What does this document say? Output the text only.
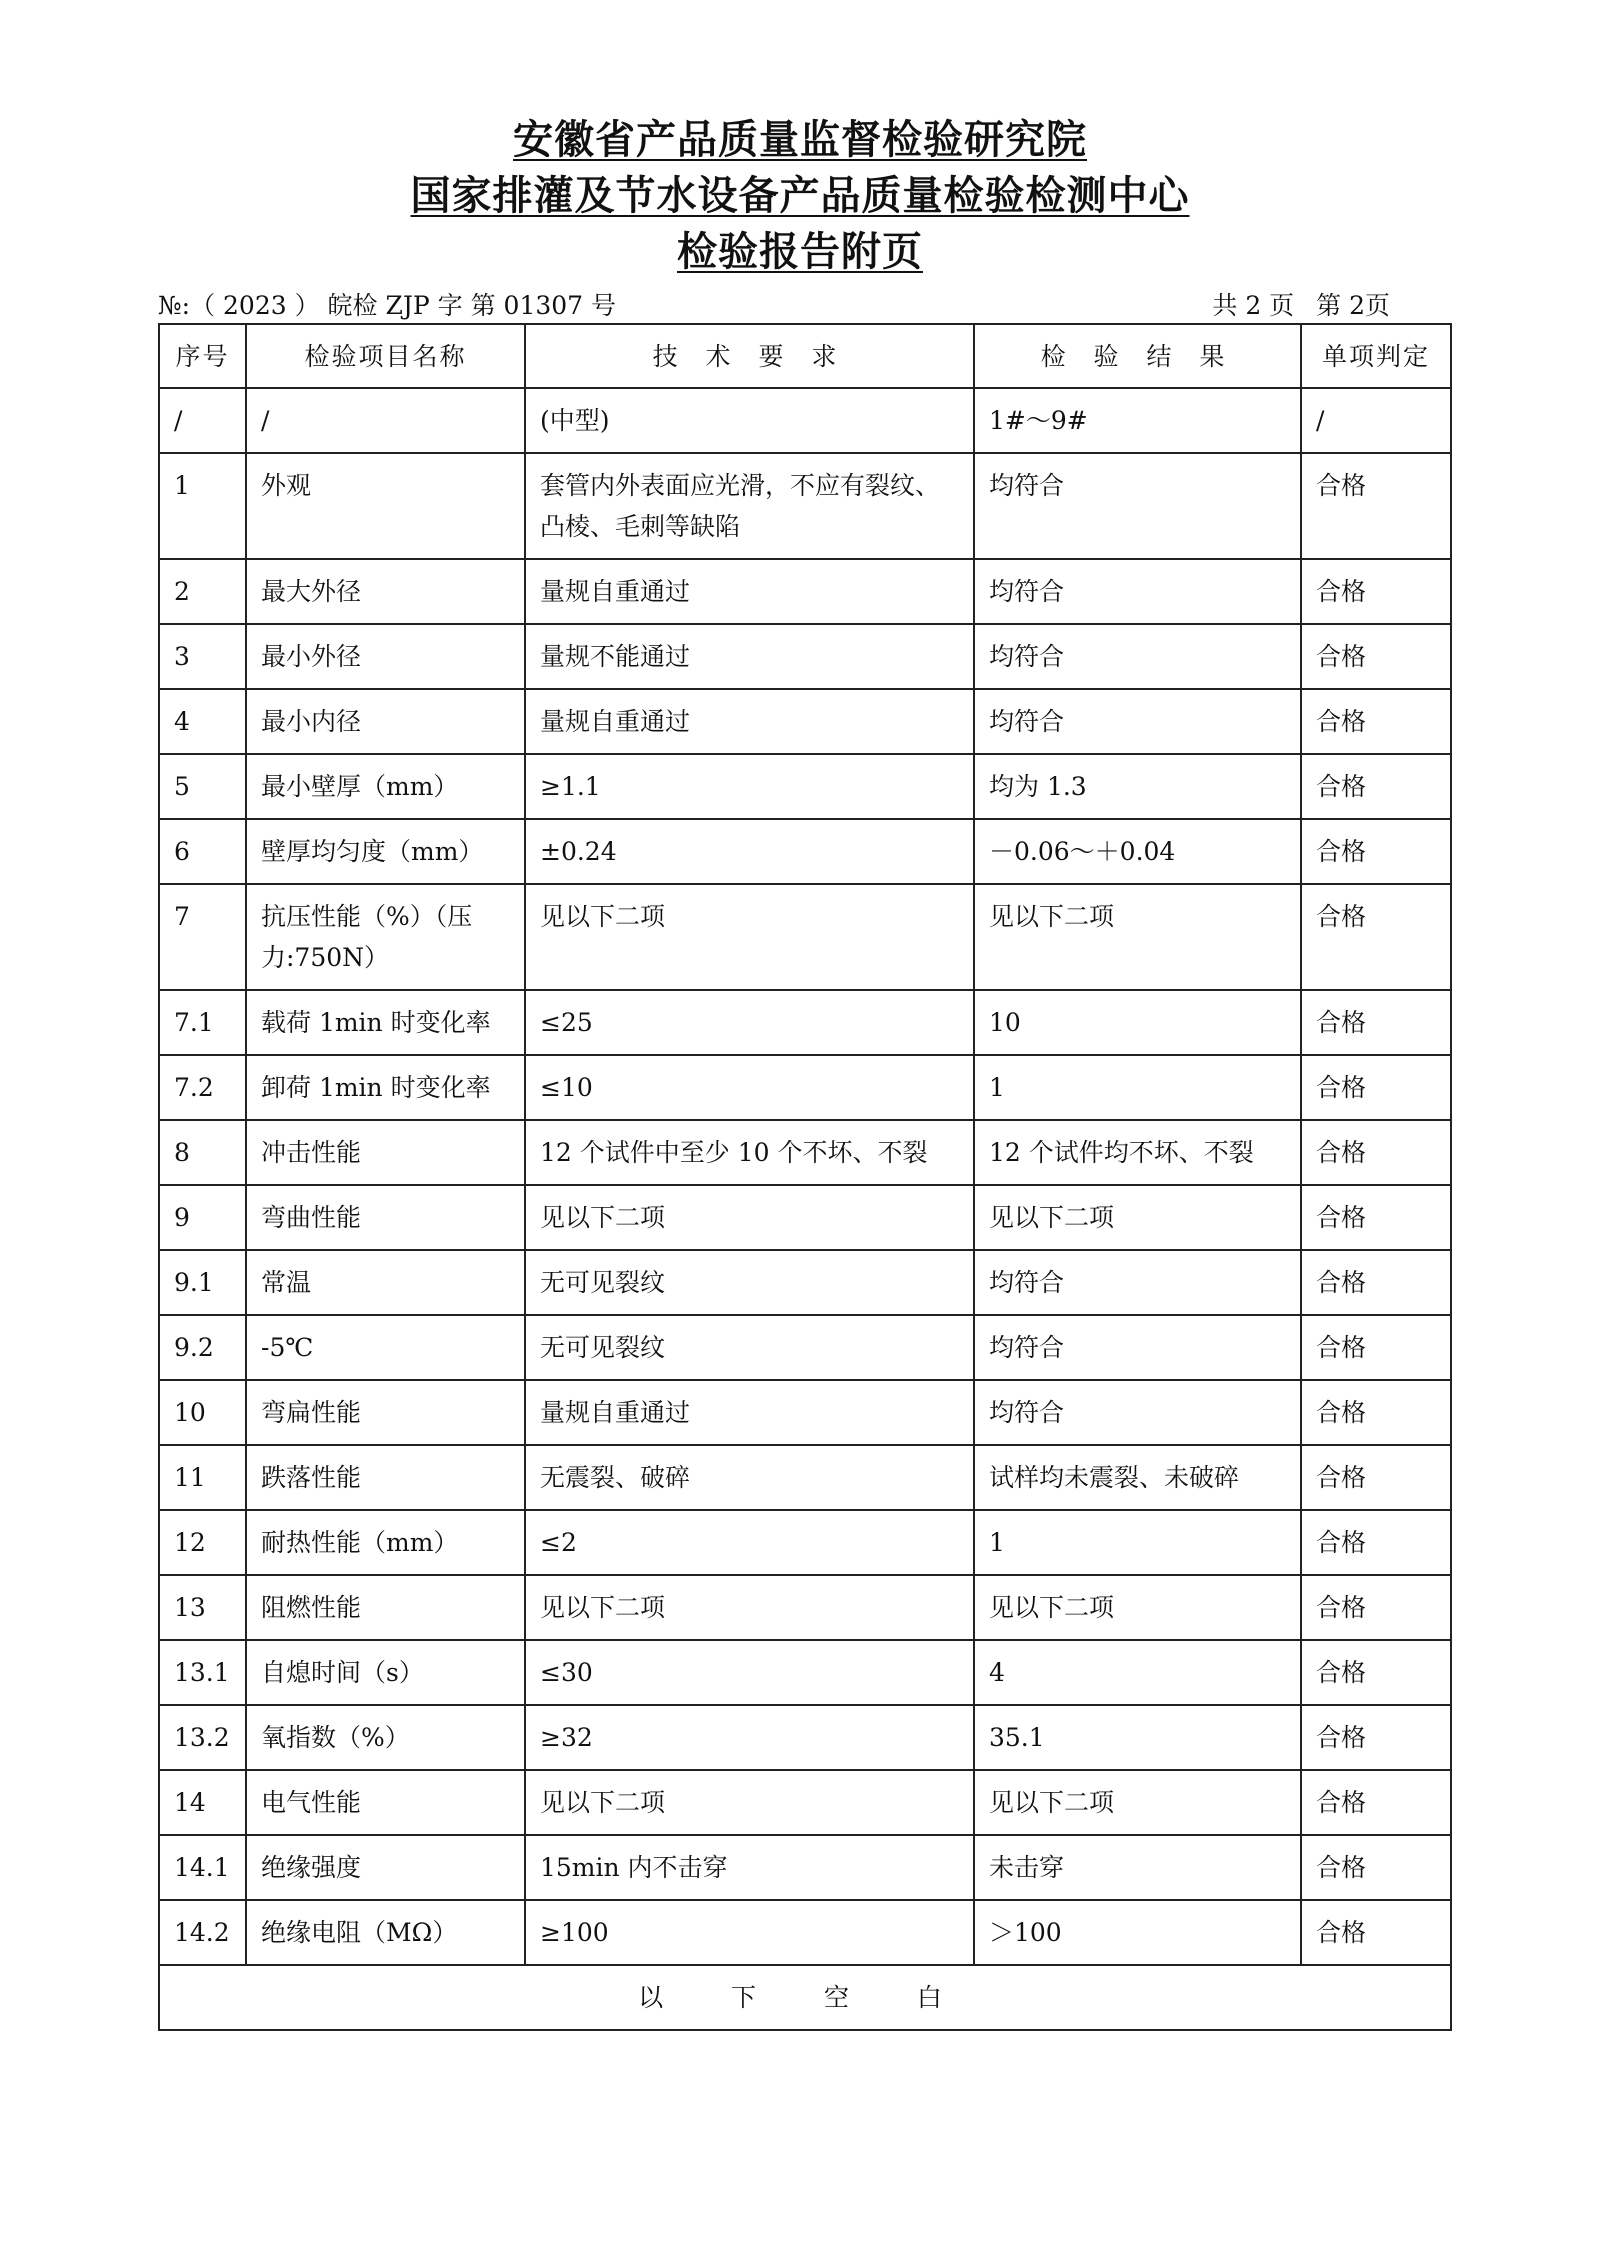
安徽省产品质量监督检验研究院
国家排灌及节水设备产品质量检验检测中心
检验报告附页
№:（ 2023 ） 皖检 ZJP 字 第 01307 号	共 2 页 第 2页
序号	检验项目名称	技 术 要 求	检 验 结 果	单项判定
/	/	(中型)	1#～9#	/
1	外观	套管内外表面应光滑，不应有裂纹、凸棱、毛刺等缺陷	均符合	合格
2	最大外径	量规自重通过	均符合	合格
3	最小外径	量规不能通过	均符合	合格
4	最小内径	量规自重通过	均符合	合格
5	最小壁厚（mm）	≥1.1	均为 1.3	合格
6	壁厚均匀度（mm）	±0.24	－0.06～＋0.04	合格
7	抗压性能（%）（压力:750N）	见以下二项	见以下二项	合格
7.1	载荷 1min 时变化率	≤25	10	合格
7.2	卸荷 1min 时变化率	≤10	1	合格
8	冲击性能	12 个试件中至少 10 个不坏、不裂	12 个试件均不坏、不裂	合格
9	弯曲性能	见以下二项	见以下二项	合格
9.1	常温	无可见裂纹	均符合	合格
9.2	-5℃	无可见裂纹	均符合	合格
10	弯扁性能	量规自重通过	均符合	合格
11	跌落性能	无震裂、破碎	试样均未震裂、未破碎	合格
12	耐热性能（mm）	≤2	1	合格
13	阻燃性能	见以下二项	见以下二项	合格
13.1	自熄时间（s）	≤30	4	合格
13.2	氧指数（%）	≥32	35.1	合格
14	电气性能	见以下二项	见以下二项	合格
14.1	绝缘强度	15min 内不击穿	未击穿	合格
14.2	绝缘电阻（MΩ）	≥100	＞100	合格
以 下 空 白				
